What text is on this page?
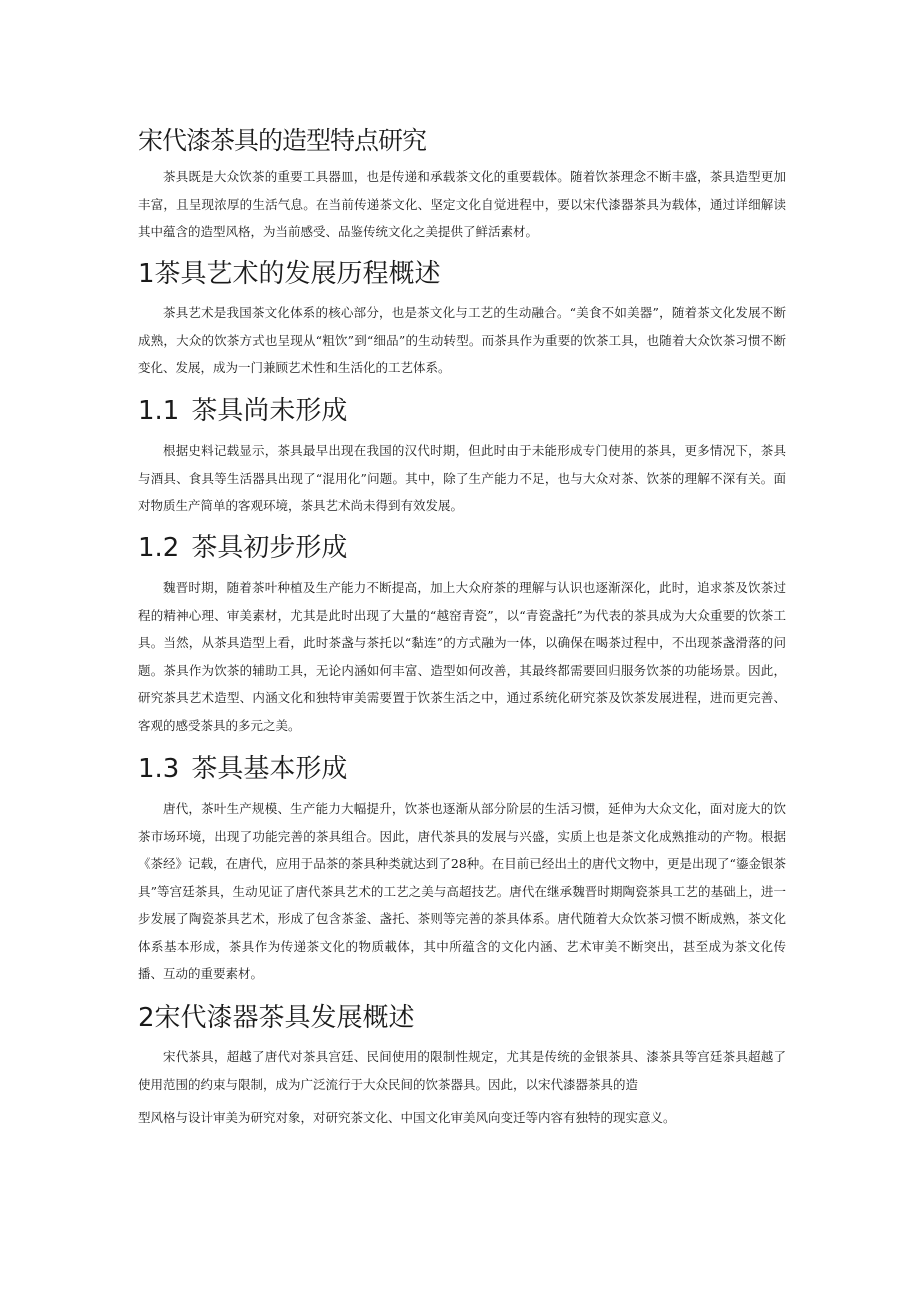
宋代漆茶具的造型特点研究

茶具既是大众饮茶的重要工具器皿，也是传递和承载茶文化的重要载体。随着饮茶理念不断丰盛，茶具造型更加丰富，且呈现浓厚的生活气息。在当前传递茶文化、坚定文化自觉进程中，要以宋代漆器茶具为载体，通过详细解读其中蕴含的造型风格，为当前感受、品鉴传统文化之美提供了鲜活素材。

1茶具艺术的发展历程概述

茶具艺术是我国茶文化体系的核心部分，也是茶文化与工艺的生动融合。“美食不如美器”，随着茶文化发展不断成熟，大众的饮茶方式也呈现从“粗饮”到“细品”的生动转型。而茶具作为重要的饮茶工具，也随着大众饮茶习惯不断变化、发展，成为一门兼顾艺术性和生活化的工艺体系。

1.1 茶具尚未形成

根据史料记载显示，茶具最早出现在我国的汉代时期，但此时由于未能形成专门使用的茶具，更多情况下，茶具与酒具、食具等生活器具出现了“混用化”问题。其中，除了生产能力不足，也与大众对茶、饮茶的理解不深有关。面对物质生产简单的客观环境，茶具艺术尚未得到有效发展。

1.2 茶具初步形成

魏晋时期，随着茶叶种植及生产能力不断提高，加上大众府茶的理解与认识也逐渐深化，此时，追求茶及饮茶过程的精神心理、审美素材，尤其是此时出现了大量的“越窑青瓷”，以“青瓷盏托”为代表的茶具成为大众重要的饮茶工具。当然，从茶具造型上看，此时茶盏与茶托以“黏连”的方式融为一体，以确保在喝茶过程中，不出现茶盏滑落的问题。茶具作为饮茶的辅助工具，无论内涵如何丰富、造型如何改善，其最终都需要回归服务饮茶的功能场景。因此，研究茶具艺术造型、内涵文化和独特审美需要置于饮茶生活之中，通过系统化研究茶及饮茶发展进程，进而更完善、客观的感受茶具的多元之美。

1.3 茶具基本形成

唐代，茶叶生产规模、生产能力大幅提升，饮茶也逐渐从部分阶层的生活习惯，延伸为大众文化，面对庞大的饮茶市场环境，出现了功能完善的茶具组合。因此，唐代茶具的发展与兴盛，实质上也是茶文化成熟推动的产物。根据《茶经》记载，在唐代，应用于品茶的茶具种类就达到了28种。在目前已经出土的唐代文物中，更是出现了“鎏金银茶具”等宫廷茶具，生动见证了唐代茶具艺术的工艺之美与高超技艺。唐代在继承魏晋时期陶瓷茶具工艺的基础上，进一步发展了陶瓷茶具艺术，形成了包含茶釜、盏托、茶则等完善的茶具体系。唐代随着大众饮茶习惯不断成熟，茶文化体系基本形成，茶具作为传递茶文化的物质載体，其中所蕴含的文化内涵、艺术审美不断突出，甚至成为茶文化传播、互动的重要素材。

2宋代漆器茶具发展概述

宋代茶具，超越了唐代对茶具宫廷、民间使用的限制性规定，尤其是传统的金银茶具、漆茶具等宫廷茶具超越了使用范围的约束与限制，成为广泛流行于大众民间的饮茶器具。因此，以宋代漆器茶具的造

型风格与设计审美为研究对象，对研究茶文化、中国文化审美风向变迁等内容有独特的现实意义。
